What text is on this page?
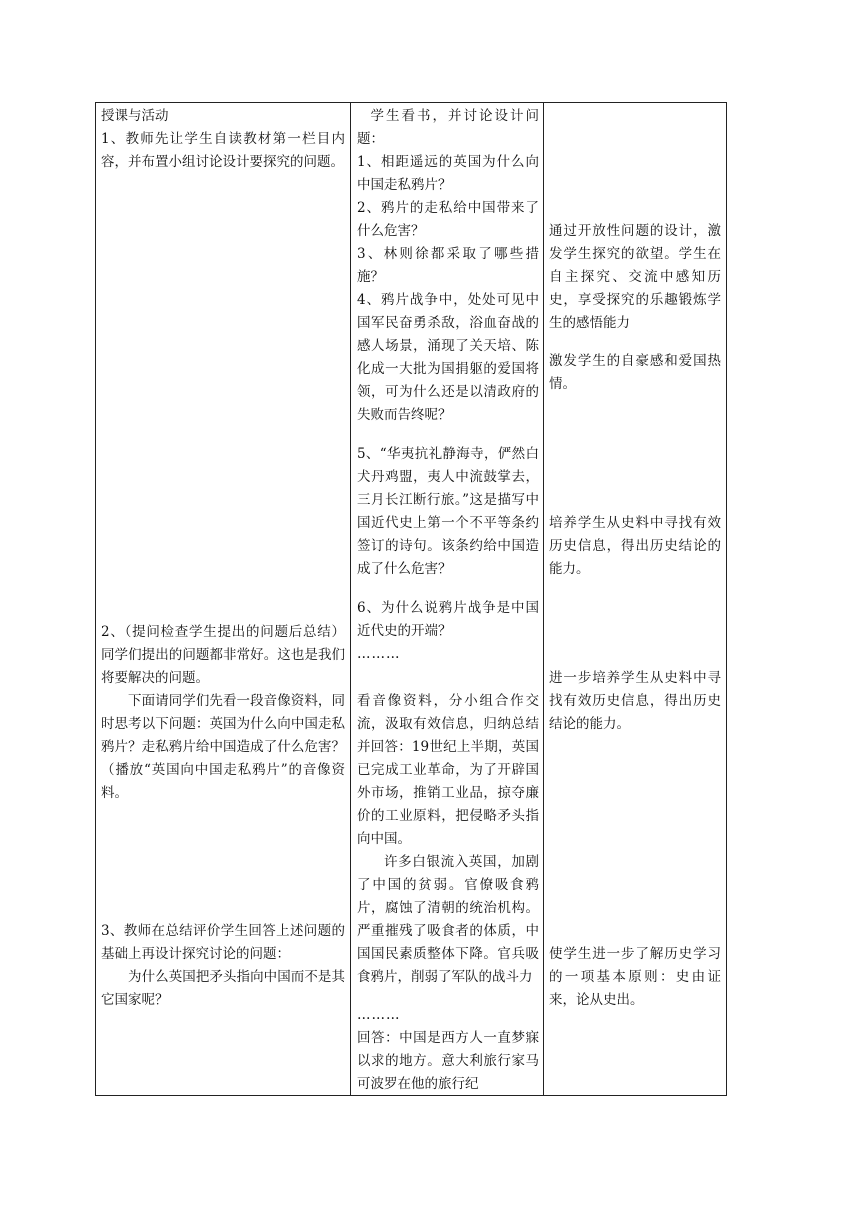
授课与活动
1、教师先让学生自读教材第一栏目内容，并布置小组讨论设计要探究的问题。
2、（提问检查学生提出的问题后总结）同学们提出的问题都非常好。这也是我们将要解决的问题。
下面请同学们先看一段音像资料，同时思考以下问题：英国为什么向中国走私鸦片？走私鸦片给中国造成了什么危害？（播放“英国向中国走私鸦片”的音像资料。
3、教师在总结评价学生回答上述问题的基础上再设计探究讨论的问题：
为什么英国把矛头指向中国而不是其它国家呢？
学生看书，并讨论设计问题：
1、相距遥远的英国为什么向中国走私鸦片？
2、鸦片的走私给中国带来了什么危害？
3、林则徐都采取了哪些措施？
4、鸦片战争中，处处可见中国军民奋勇杀敌，浴血奋战的感人场景，涌现了关天培、陈化成一大批为国捐躯的爱国将领，可为什么还是以清政府的失败而告终呢？
5、“华夷抗礼静海寺，俨然白犬丹鸡盟，夷人中流鼓掌去，三月长江断行旅。”这是描写中国近代史上第一个不平等条约签订的诗句。该条约给中国造成了什么危害？
6、为什么说鸦片战争是中国近代史的开端？
………
看音像资料，分小组合作交流，汲取有效信息，归纳总结并回答：19世纪上半期，英国已完成工业革命，为了开辟国外市场，推销工业品，掠夺廉价的工业原料，把侵略矛头指向中国。
许多白银流入英国，加剧了中国的贫弱。官僚吸食鸦片，腐蚀了清朝的统治机构。严重摧残了吸食者的体质，中国国民素质整体下降。官兵吸食鸦片，削弱了军队的战斗力
………
回答：中国是西方人一直梦寐以求的地方。意大利旅行家马可波罗在他的旅行纪
通过开放性问题的设计，激发学生探究的欲望。学生在自主探究、交流中感知历史，享受探究的乐趣锻炼学生的感悟能力
激发学生的自豪感和爱国热情。
培养学生从史料中寻找有效历史信息，得出历史结论的能力。
进一步培养学生从史料中寻找有效历史信息，得出历史结论的能力。
使学生进一步了解历史学习的一项基本原则：史由证来，论从史出。
